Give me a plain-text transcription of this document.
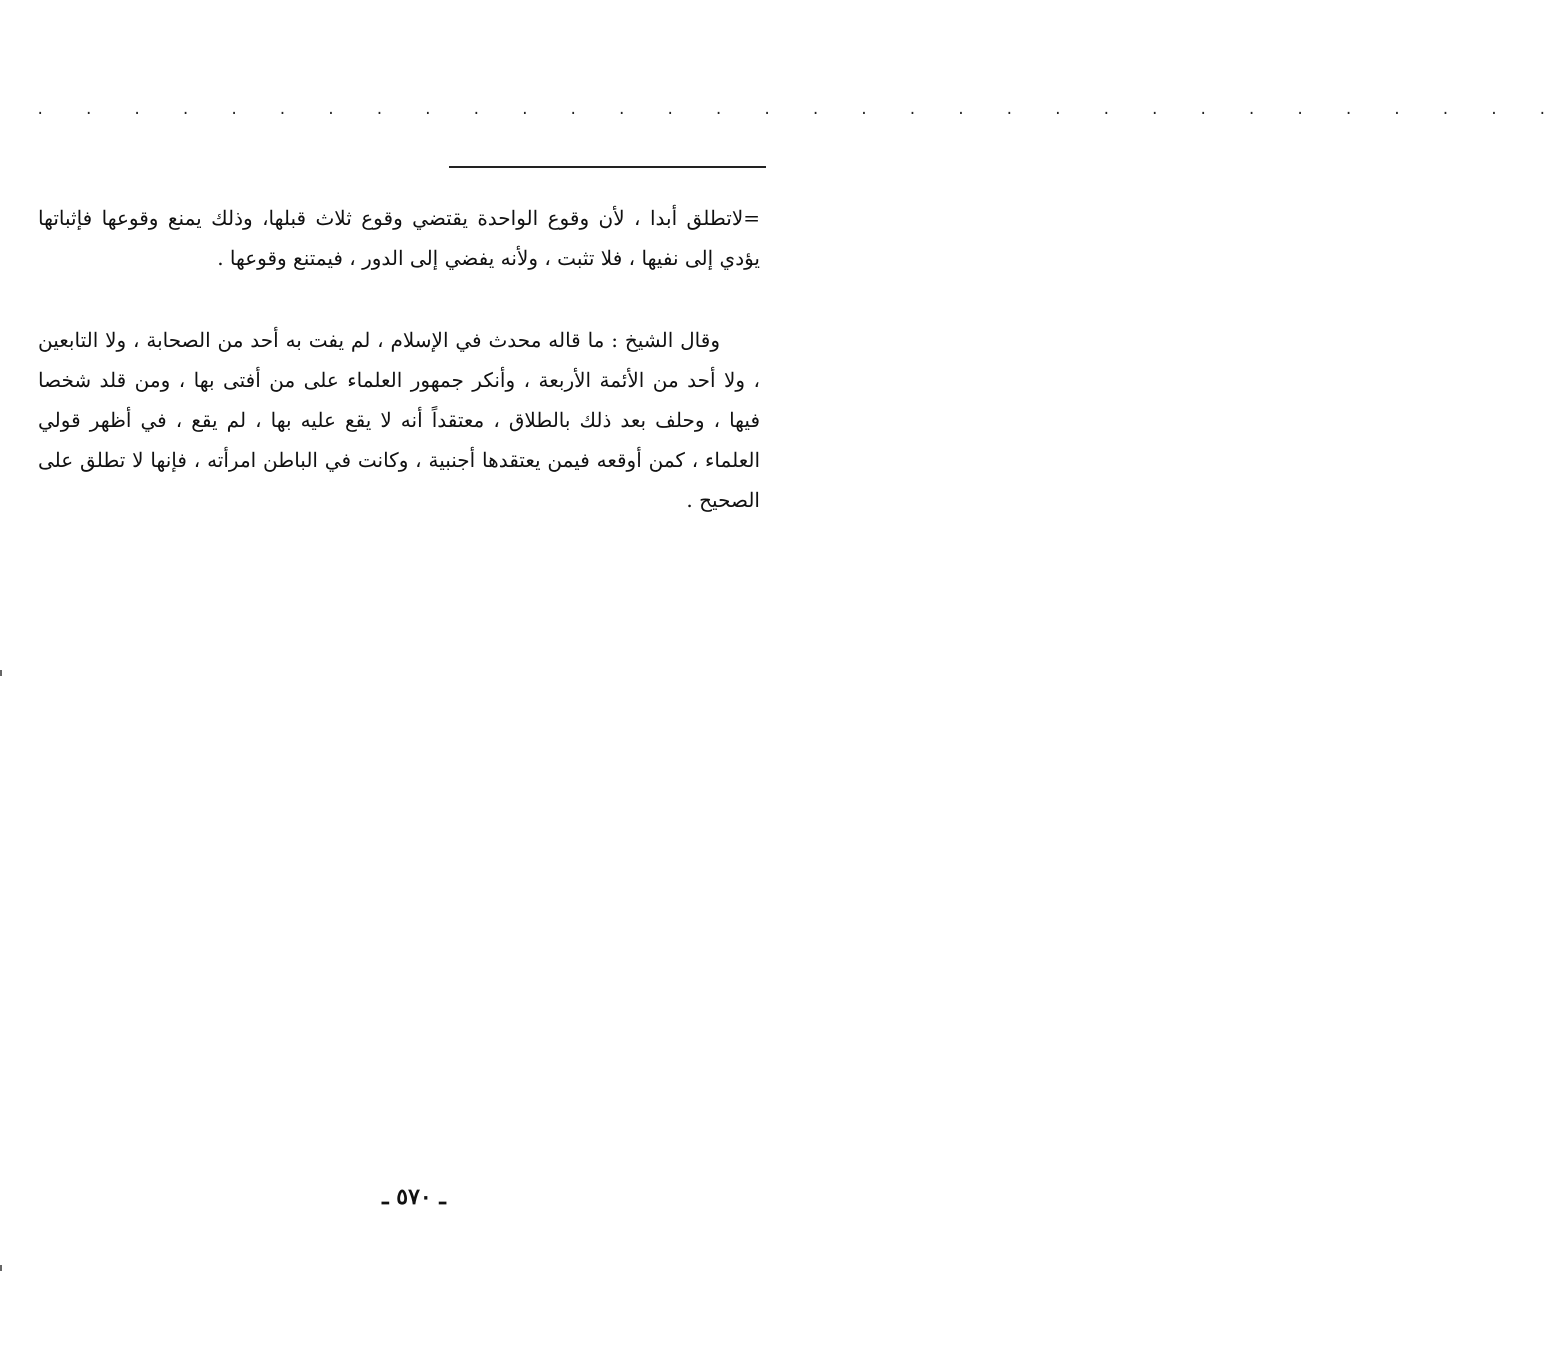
. . . . . . . . . . . . . . . . . . . . . . . . . . . . . . . .

=لاتطلق أبدا ، لأن وقوع الواحدة يقتضي وقوع ثلاث قبلها، وذلك يمنع وقوعها فإثباتها يؤدي إلى نفيها ، فلا تثبت ، ولأنه يفضي إلى الدور ، فيمتنع وقوعها .

وقال الشيخ : ما قاله محدث في الإسلام ، لم يفت به أحد من الصحابة ، ولا التابعين ، ولا أحد من الأئمة الأربعة ، وأنكر جمهور العلماء على من أفتى بها ، ومن قلد شخصا فيها ، وحلف بعد ذلك بالطلاق ، معتقداً أنه لا يقع عليه بها ، لم يقع ، في أظهر قولي العلماء ، كمن أوقعه فيمن يعتقدها أجنبية ، وكانت في الباطن امرأته ، فإنها لا تطلق على الصحيح .

ـ ٥٧٠ ـ
